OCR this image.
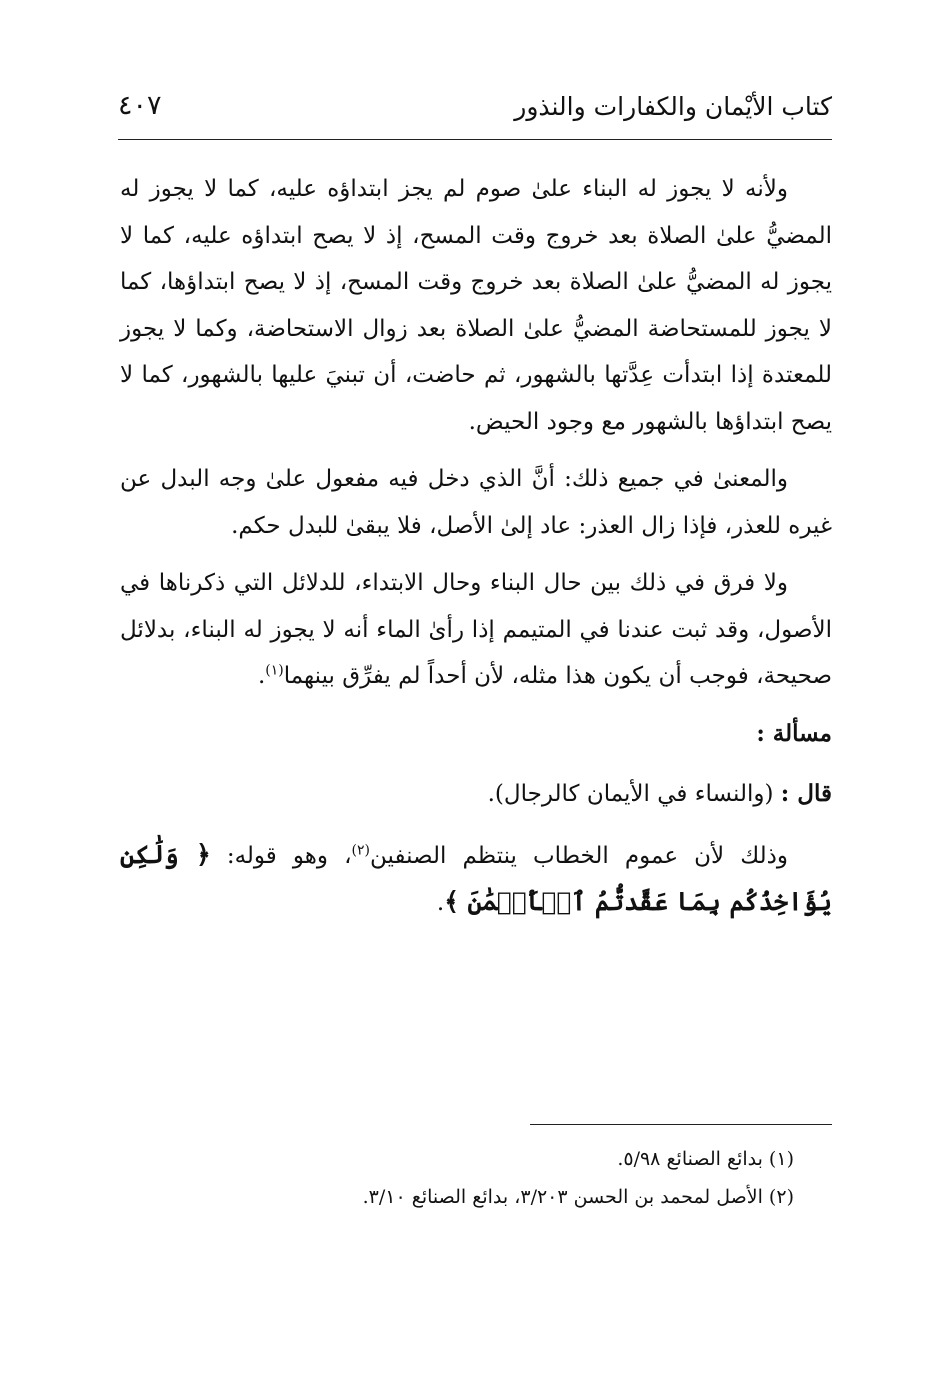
كتاب الأيْمان والكفارات والنذور
٤٠٧

ولأنه لا يجوز له البناء علىٰ صوم لم يجز ابتداؤه عليه، كما لا يجوز له المضيُّ علىٰ الصلاة بعد خروج وقت المسح، إذ لا يصح ابتداؤه عليه، كما لا يجوز له المضيُّ علىٰ الصلاة بعد خروج وقت المسح، إذ لا يصح ابتداؤها، كما لا يجوز للمستحاضة المضيُّ علىٰ الصلاة بعد زوال الاستحاضة، وكما لا يجوز للمعتدة إذا ابتدأت عِدَّتها بالشهور، ثم حاضت، أن تبنيَ عليها بالشهور، كما لا يصح ابتداؤها بالشهور مع وجود الحيض.

والمعنىٰ في جميع ذلك: أنَّ الذي دخل فيه مفعول علىٰ وجه البدل عن غيره للعذر، فإذا زال العذر: عاد إلىٰ الأصل، فلا يبقىٰ للبدل حكم.

ولا فرق في ذلك بين حال البناء وحال الابتداء، للدلائل التي ذكرناها في الأصول، وقد ثبت عندنا في المتيمم إذا رأىٰ الماء أنه لا يجوز له البناء، بدلائل صحيحة، فوجب أن يكون هذا مثله، لأن أحداً لم يفرِّق بينهما$^{(١)}$.

مسألة :

قال : (والنساء في الأيمان كالرجال).

وذلك لأن عموم الخطاب ينتظم الصنفين$^{(٢)}$، وهو قوله: ﴿ وَلَٰكِن يُؤَاخِذُكُم بِمَا عَقَّدتُّمُ ٱلۡأَيۡمَٰنَ ﴾.

(١) بدائع الصنائع ٥/٩٨.
(٢) الأصل لمحمد بن الحسن ٣/٢٠٣، بدائع الصنائع ٣/١٠.
